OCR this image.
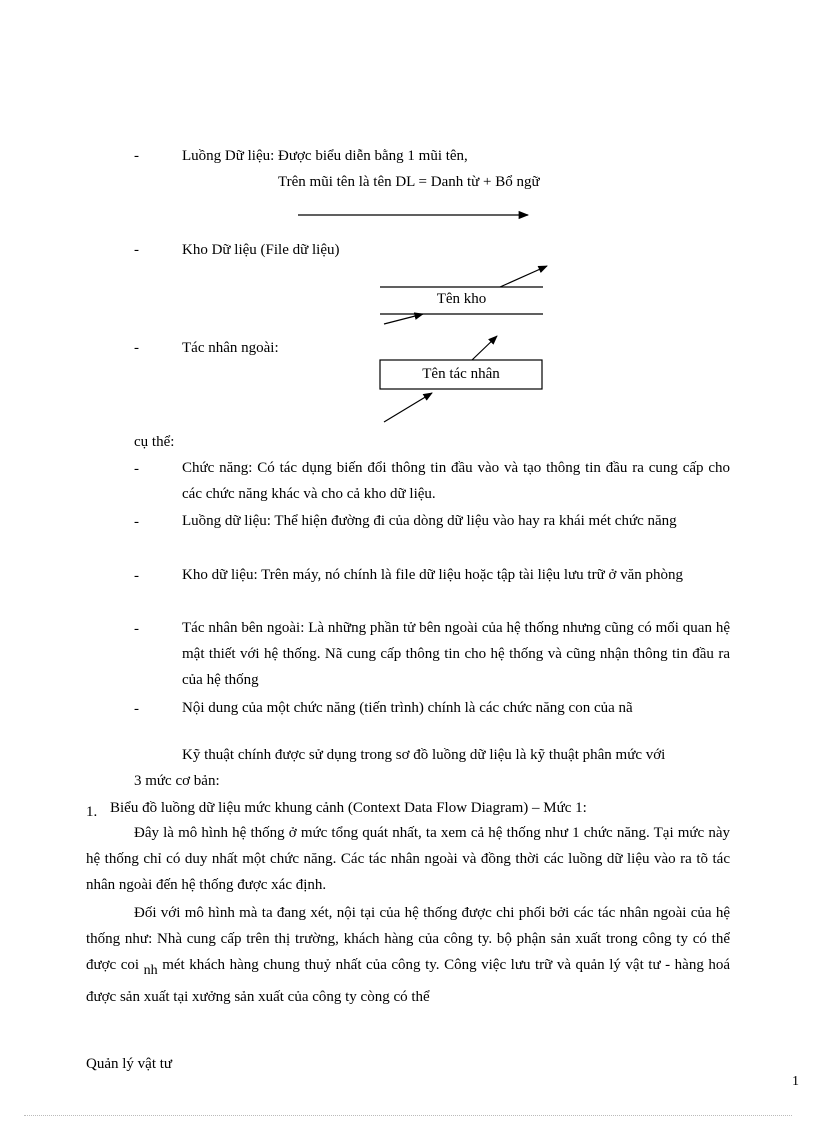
-	Luồng Dữ liệu: Được biểu diễn bằng 1 mũi tên,
Trên mũi tên là tên DL = Danh từ + Bổ ngữ
-	Kho Dữ liệu (File dữ liệu)
Tên kho
-	Tác nhân ngoài:
Tên tác nhân
cụ thể:
-	Chức năng: Có tác dụng biến đổi thông tin đầu vào và tạo thông tin đầu ra cung cấp cho các chức năng khác và cho cả kho dữ liệu.
-	Luồng dữ liệu: Thể hiện đường đi của dòng dữ liệu vào hay ra khái mét chức năng
-	Kho dữ liệu: Trên máy, nó chính là file dữ liệu hoặc tập tài liệu lưu trữ ở văn phòng
-	Tác nhân bên ngoài: Là những phần tử bên ngoài của hệ thống nhưng cũng có mối quan hệ mật thiết với hệ thống. Nã cung cấp thông tin cho hệ thống và cũng nhận thông tin đầu ra của hệ thống
-	Nội dung của một chức năng (tiến trình) chính là các chức năng con của nã
Kỹ thuật chính được sử dụng trong sơ đồ luồng dữ liệu là kỹ thuật phân mức với
3 mức cơ bản:
1. Biểu đồ luồng dữ liệu mức khung cảnh (Context Data Flow Diagram) – Mức 1:
Đây là mô hình hệ thống ở mức tổng quát nhất, ta xem cả hệ thống như 1 chức năng. Tại mức này hệ thống chỉ có duy nhất một chức năng. Các tác nhân ngoài và đồng thời các luồng dữ liệu vào ra tõ tác nhân ngoài đến hệ thống được xác định.
Đối với mô hình mà ta đang xét, nội tại của hệ thống được chi phối bởi các tác nhân ngoài của hệ thống như: Nhà cung cấp trên thị trường, khách hàng của công ty. bộ phận sản xuất trong công ty có thể được coi $_{nh}$ mét khách hàng chung thuỷ nhất của công ty. Công việc lưu trữ và quản lý vật tư - hàng hoá được sản xuất tại xưởng sản xuất của công ty còng có thể
Quản lý vật tư
1
